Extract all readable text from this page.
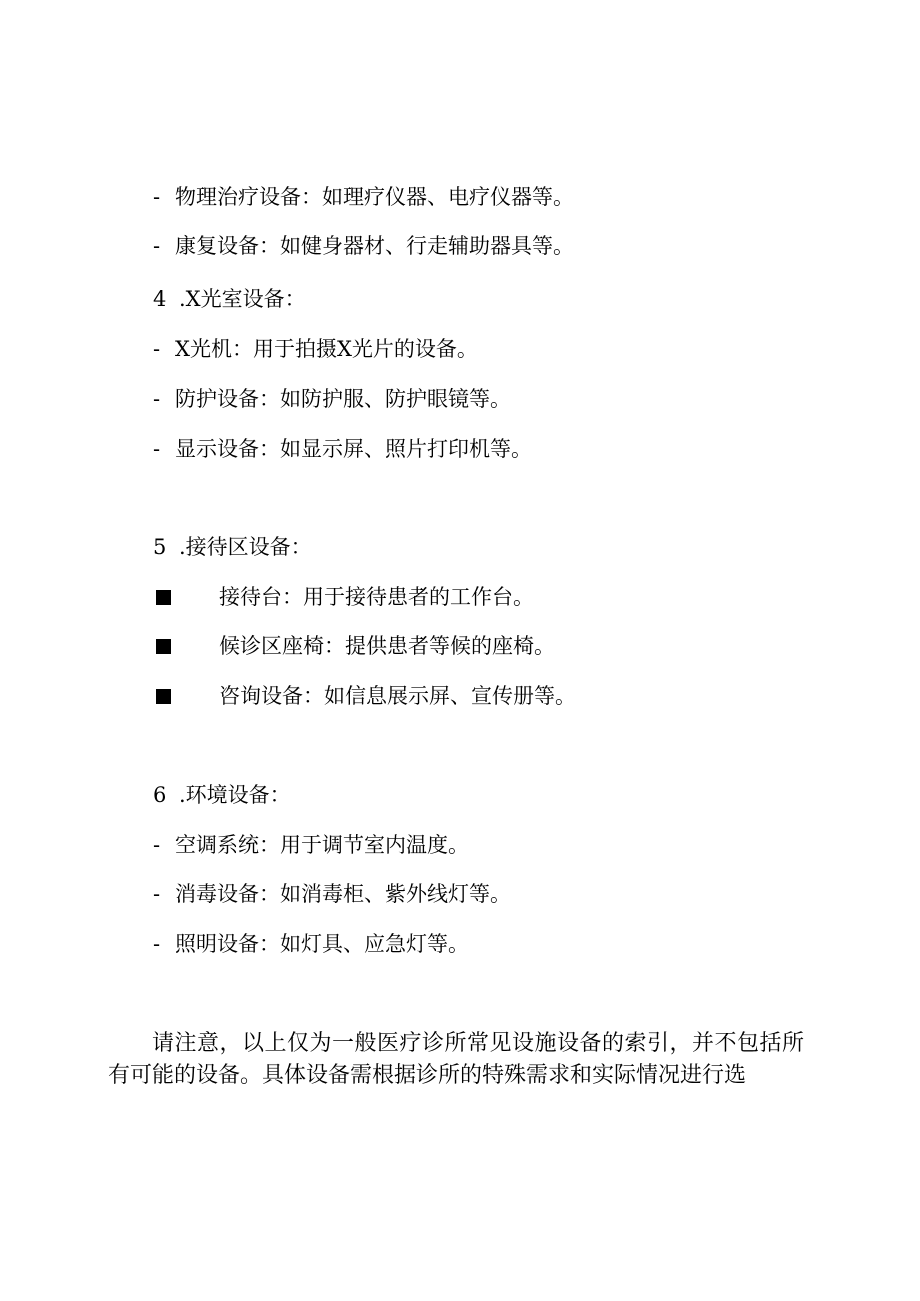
- 物理治疗设备：如理疗仪器、电疗仪器等。
- 康复设备：如健身器材、行走辅助器具等。
4 .X光室设备：
- X光机：用于拍摄X光片的设备。
- 防护设备：如防护服、防护眼镜等。
- 显示设备：如显示屏、照片打印机等。
5 .接待区设备：
接待台：用于接待患者的工作台。
候诊区座椅：提供患者等候的座椅。
咨询设备：如信息展示屏、宣传册等。
6 .环境设备：
- 空调系统：用于调节室内温度。
- 消毒设备：如消毒柜、紫外线灯等。
- 照明设备：如灯具、应急灯等。
请注意，以上仅为一般医疗诊所常见设施设备的索引，并不包括所有可能的设备。具体设备需根据诊所的特殊需求和实际情况进行选
